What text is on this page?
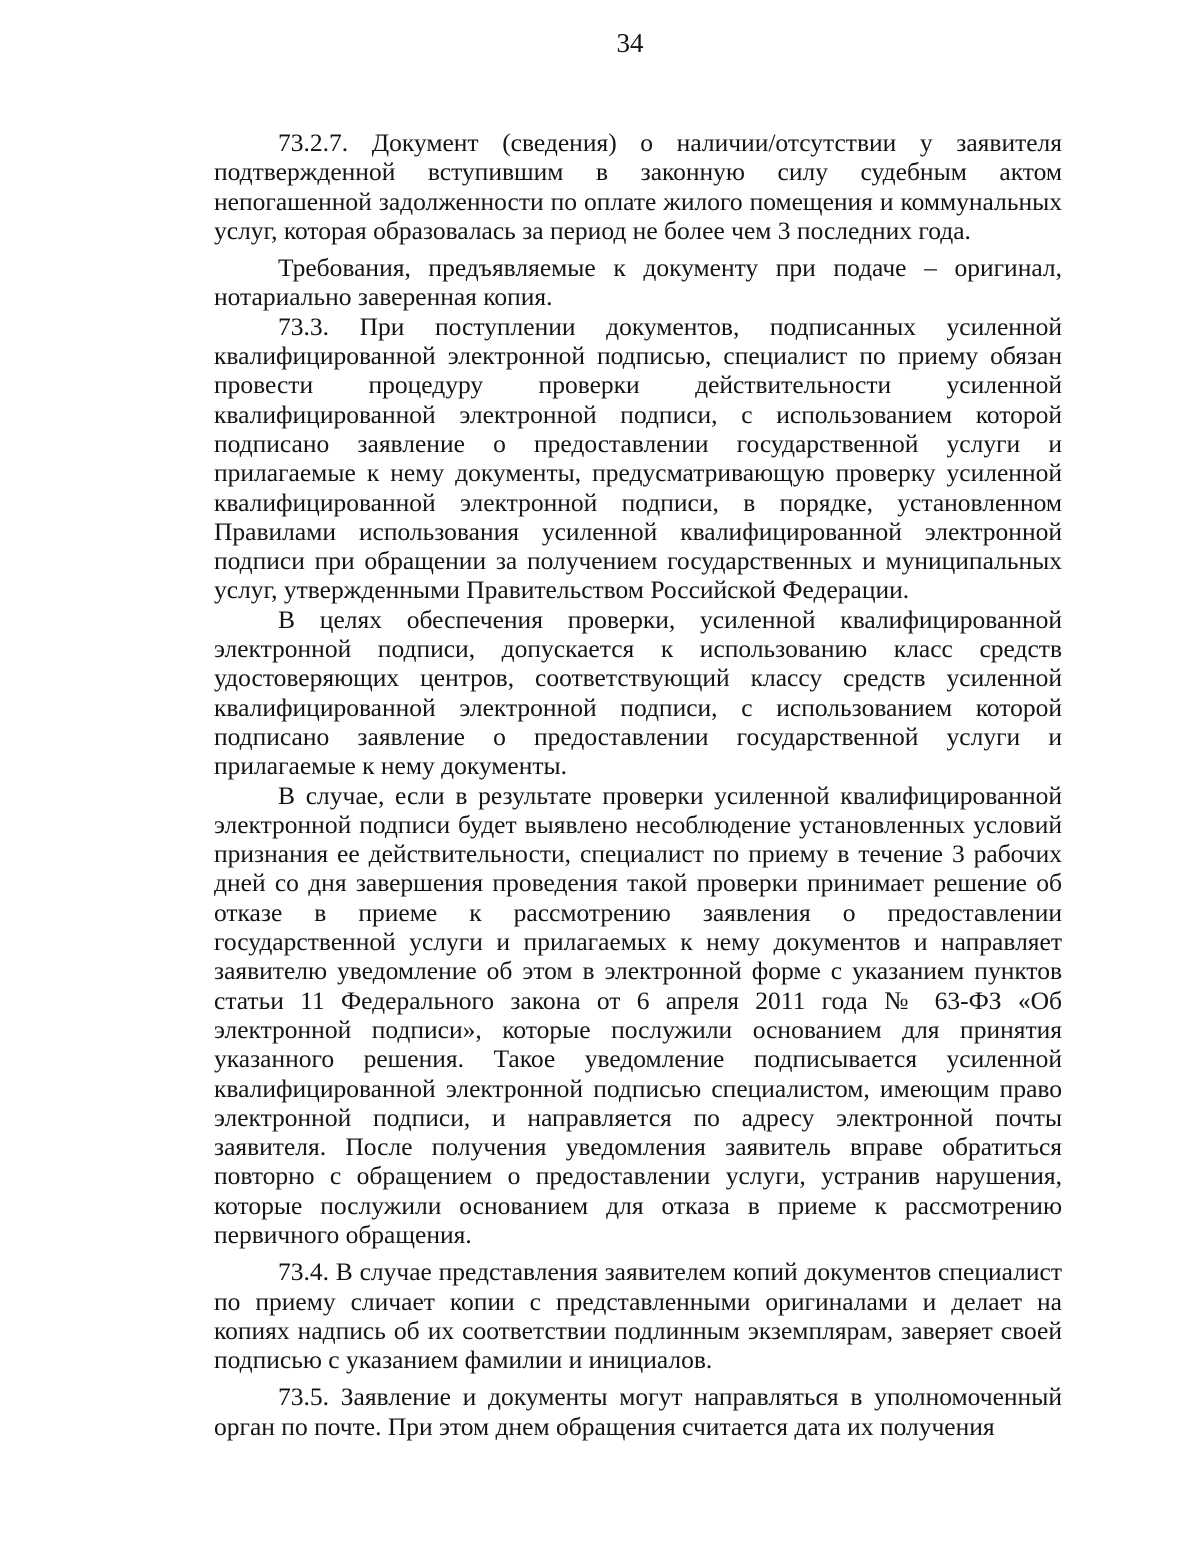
34

73.2.7. Документ (сведения) о наличии/отсутствии у заявителя подтвержденной вступившим в законную силу судебным актом непогашенной задолженности по оплате жилого помещения и коммунальных услуг, которая образовалась за период не более чем 3 последних года.

Требования, предъявляемые к документу при подаче – оригинал, нотариально заверенная копия.

73.3. При поступлении документов, подписанных усиленной квалифицированной электронной подписью, специалист по приему обязан провести процедуру проверки действительности усиленной квалифицированной электронной подписи, с использованием которой подписано заявление о предоставлении государственной услуги и прилагаемые к нему документы, предусматривающую проверку усиленной квалифицированной электронной подписи, в порядке, установленном Правилами использования усиленной квалифицированной электронной подписи при обращении за получением государственных и муниципальных услуг, утвержденными Правительством Российской Федерации.

В целях обеспечения проверки, усиленной квалифицированной электронной подписи, допускается к использованию класс средств удостоверяющих центров, соответствующий классу средств усиленной квалифицированной электронной подписи, с использованием которой подписано заявление о предоставлении государственной услуги и прилагаемые к нему документы.

В случае, если в результате проверки усиленной квалифицированной электронной подписи будет выявлено несоблюдение установленных условий признания ее действительности, специалист по приему в течение 3 рабочих дней со дня завершения проведения такой проверки принимает решение об отказе в приеме к рассмотрению заявления о предоставлении государственной услуги и прилагаемых к нему документов и направляет заявителю уведомление об этом в электронной форме с указанием пунктов статьи 11 Федерального закона от 6 апреля 2011 года № 63-ФЗ «Об электронной подписи», которые послужили основанием для принятия указанного решения. Такое уведомление подписывается усиленной квалифицированной электронной подписью специалистом, имеющим право электронной подписи, и направляется по адресу электронной почты заявителя. После получения уведомления заявитель вправе обратиться повторно с обращением о предоставлении услуги, устранив нарушения, которые послужили основанием для отказа в приеме к рассмотрению первичного обращения.

73.4. В случае представления заявителем копий документов специалист по приему сличает копии с представленными оригиналами и делает на копиях надпись об их соответствии подлинным экземплярам, заверяет своей подписью с указанием фамилии и инициалов.

73.5. Заявление и документы могут направляться в уполномоченный орган по почте. При этом днем обращения считается дата их получения
